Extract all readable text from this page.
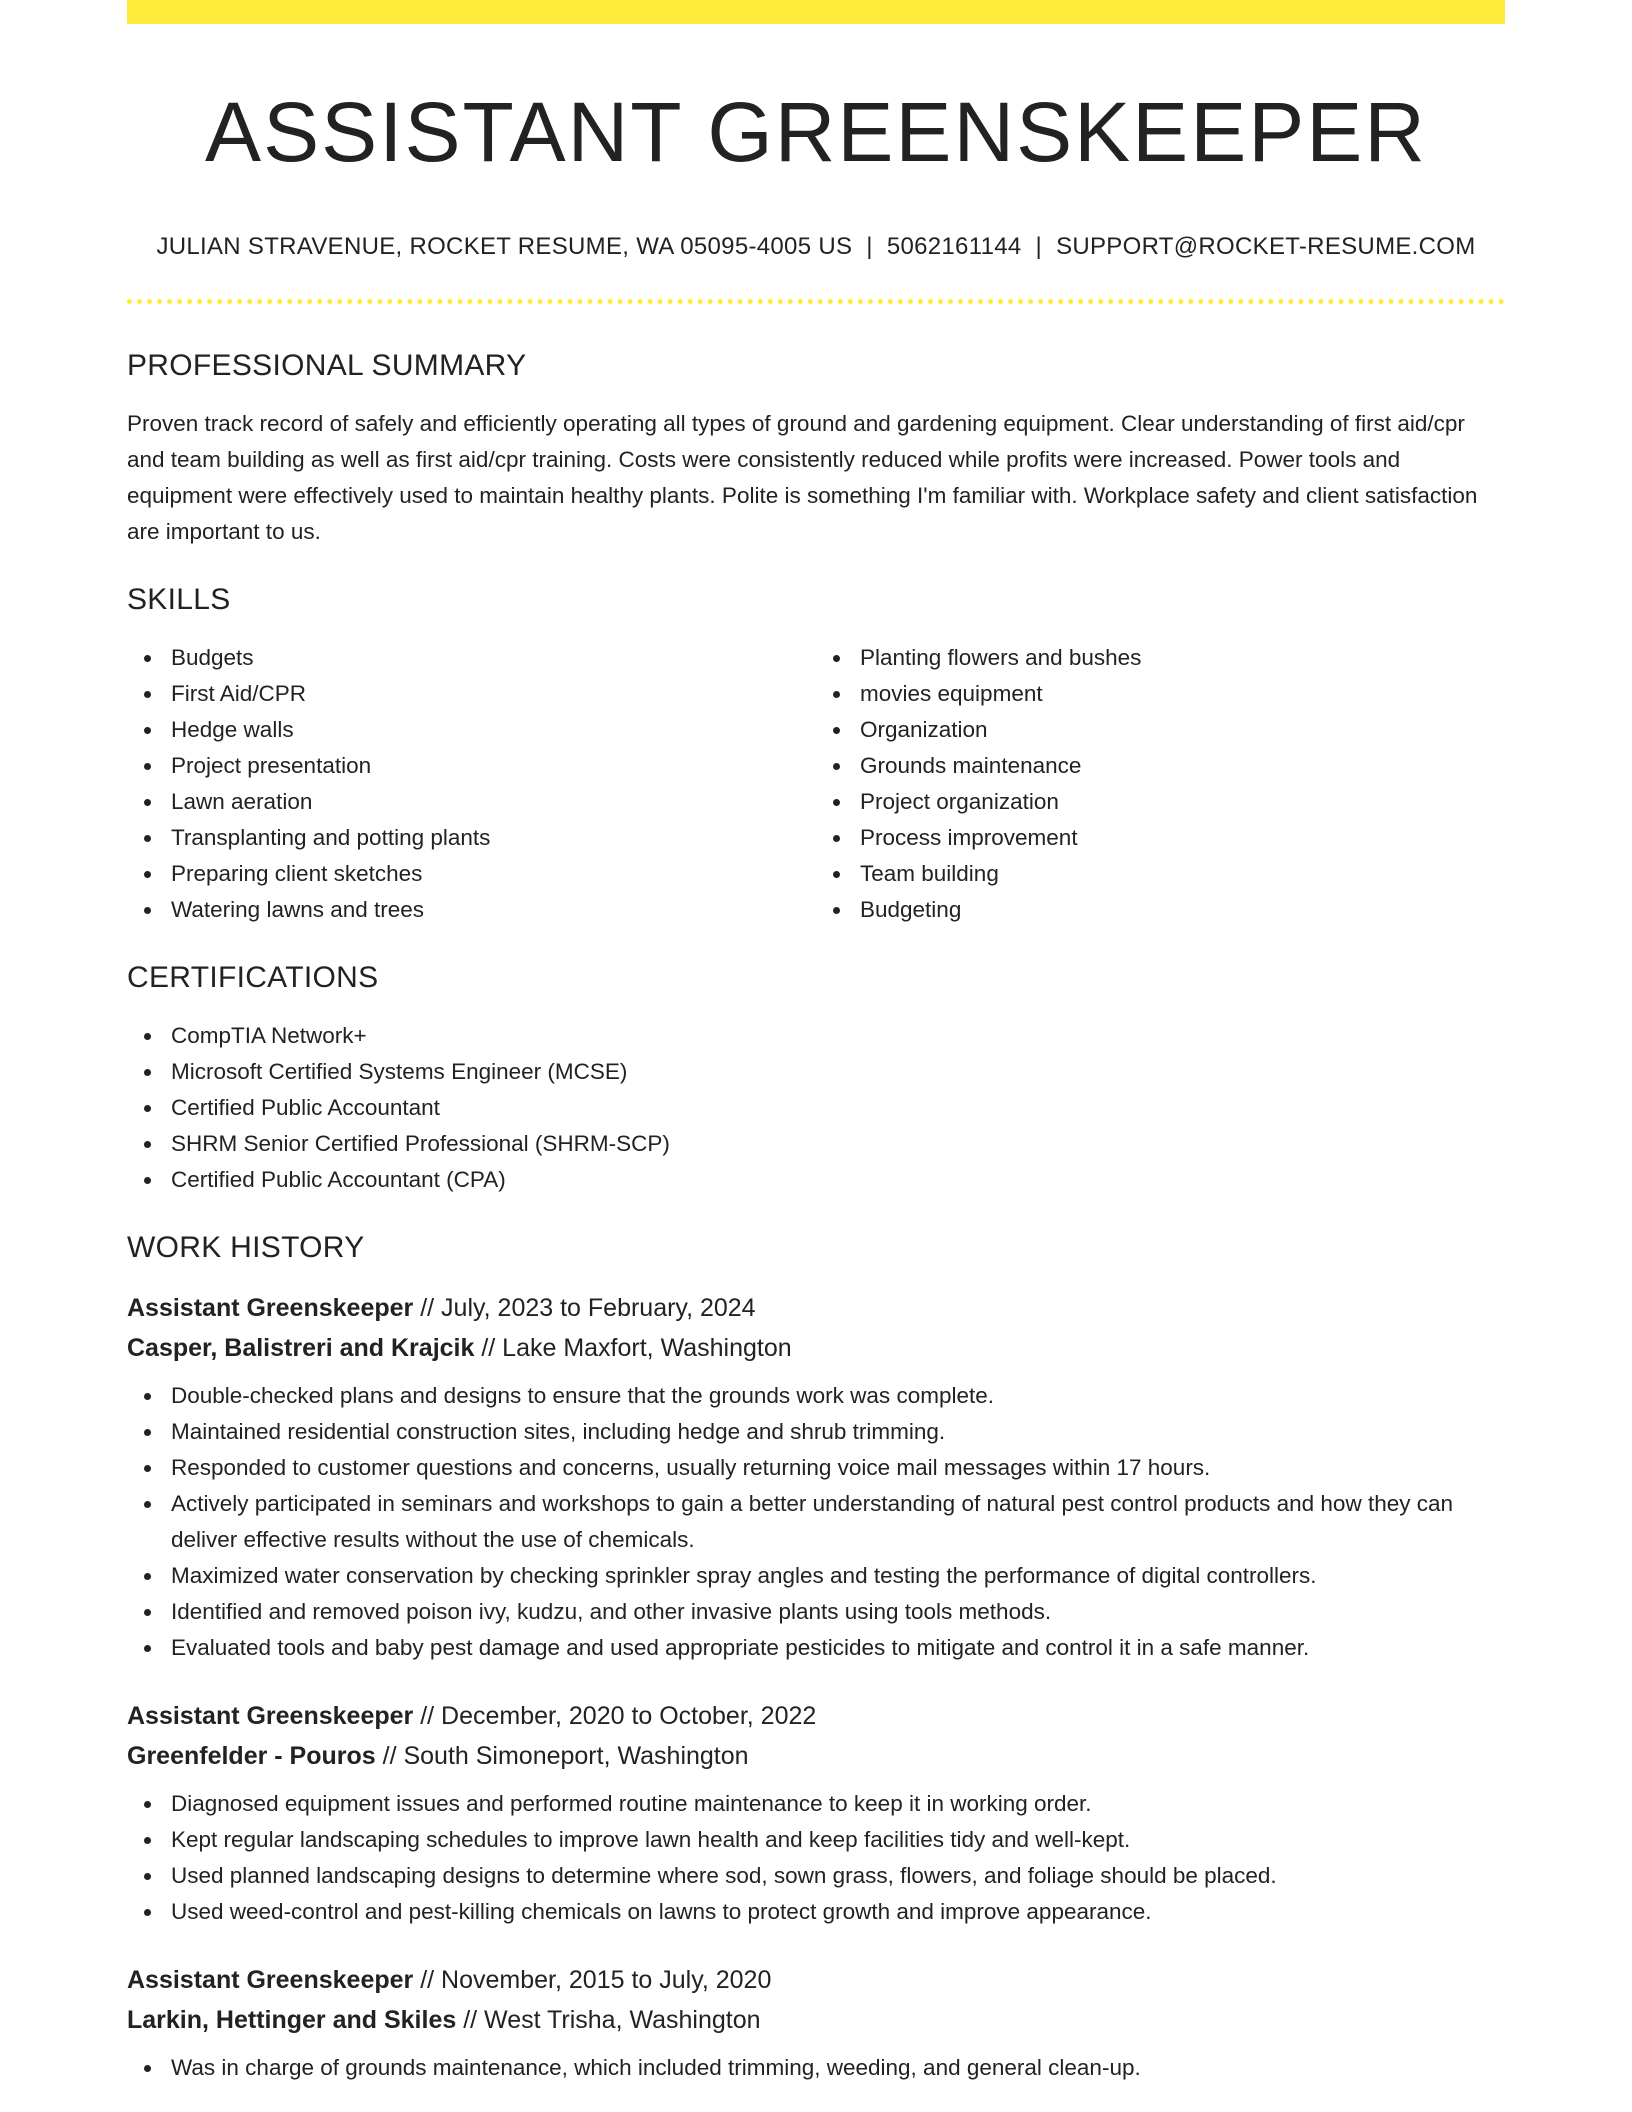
ASSISTANT GREENSKEEPER
JULIAN STRAVENUE, ROCKET RESUME, WA 05095-4005 US | 5062161144 | SUPPORT@ROCKET-RESUME.COM
PROFESSIONAL SUMMARY

Proven track record of safely and efficiently operating all types of ground and gardening equipment. Clear understanding of first aid/cpr and team building as well as first aid/cpr training. Costs were consistently reduced while profits were increased. Power tools and equipment were effectively used to maintain healthy plants. Polite is something I'm familiar with. Workplace safety and client satisfaction are important to us.

SKILLS
Budgets
First Aid/CPR
Hedge walls
Project presentation
Lawn aeration
Transplanting and potting plants
Preparing client sketches
Watering lawns and trees
Planting flowers and bushes
movies equipment
Organization
Grounds maintenance
Project organization
Process improvement
Team building
Budgeting
CERTIFICATIONS
CompTIA Network+
Microsoft Certified Systems Engineer (MCSE)
Certified Public Accountant
SHRM Senior Certified Professional (SHRM-SCP)
Certified Public Accountant (CPA)
WORK HISTORY
Assistant Greenskeeper // July, 2023 to February, 2024
Casper, Balistreri and Krajcik // Lake Maxfort, Washington
Double-checked plans and designs to ensure that the grounds work was complete.
Maintained residential construction sites, including hedge and shrub trimming.
Responded to customer questions and concerns, usually returning voice mail messages within 17 hours.
Actively participated in seminars and workshops to gain a better understanding of natural pest control products and how they can deliver effective results without the use of chemicals.
Maximized water conservation by checking sprinkler spray angles and testing the performance of digital controllers.
Identified and removed poison ivy, kudzu, and other invasive plants using tools methods.
Evaluated tools and baby pest damage and used appropriate pesticides to mitigate and control it in a safe manner.
Assistant Greenskeeper // December, 2020 to October, 2022
Greenfelder - Pouros // South Simoneport, Washington
Diagnosed equipment issues and performed routine maintenance to keep it in working order.
Kept regular landscaping schedules to improve lawn health and keep facilities tidy and well-kept.
Used planned landscaping designs to determine where sod, sown grass, flowers, and foliage should be placed.
Used weed-control and pest-killing chemicals on lawns to protect growth and improve appearance.
Assistant Greenskeeper // November, 2015 to July, 2020
Larkin, Hettinger and Skiles // West Trisha, Washington
Was in charge of grounds maintenance, which included trimming, weeding, and general clean-up.
